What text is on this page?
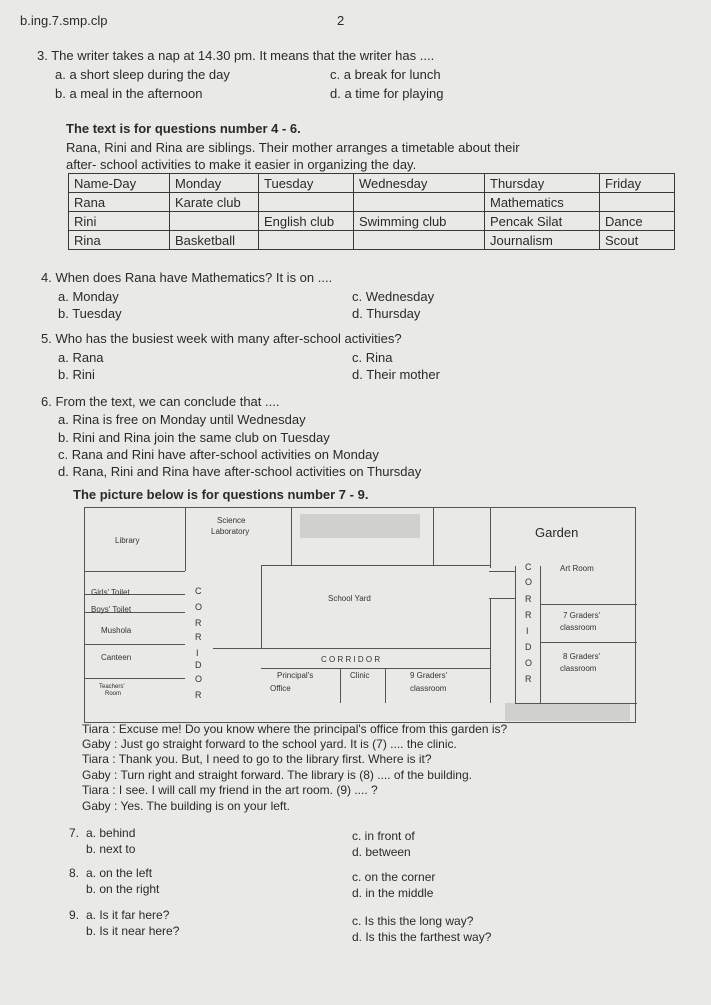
b.ing.7.smp.clp	2
3. The writer takes a nap at 14.30 pm. It means that the writer has ....
a. a short sleep during the day
b. a meal in the afternoon
c. a break for lunch
d. a time for playing
The text is for questions number 4 - 6.
Rana, Rini and Rina are siblings. Their mother arranges a timetable about their
after- school activities to make it easier in organizing the day.
Name-Day	Monday	Tuesday	Wednesday	Thursday	Friday
Rana	Karate club			Mathematics	
Rini		English club	Swimming club	Pencak Silat	Dance
Rina	Basketball			Journalism	Scout
4. When does Rana have Mathematics? It is on ....
a. Monday
b. Tuesday
c. Wednesday
d. Thursday
5. Who has the busiest week with many after-school activities?
a. Rana
b. Rini
c. Rina
d. Their mother
6. From the text, we can conclude that ....
a. Rina is free on Monday until Wednesday
b. Rini and Rina join the same club on Tuesday
c. Rana and Rini have after-school activities on Monday
d. Rana, Rini and Rina have after-school activities on Thursday
The picture below is for questions number 7 - 9.
Library
Science
Laboratory	Garden
Art Room
Girls' Toilet
Boys' Toilet
Mushola
Canteen
Teachers'
Room
School Yard
C O R R I D O R
Principal's
Office
Clinic	9 Graders'
classroom
7 Graders'
classroom
8 Graders'
classroom
C
O
R
R
I
D
O
R
C
O
R
R
I
D
O
R
Tiara : Excuse me! Do you know where the principal's office from this garden is?
Gaby : Just go straight forward to the school yard. It is (7) .... the clinic.
Tiara : Thank you. But, I need to go to the library first. Where is it?
Gaby : Turn right and straight forward. The library is (8) .... of the building.
Tiara : I see. I will call my friend in the art room. (9) .... ?
Gaby : Yes. The building is on your left.
7. a. behind
b. next to
c. in front of
d. between
8. a. on the left
b. on the right
c. on the corner
d. in the middle
9. a. Is it far here?
b. Is it near here?
c. Is this the long way?
d. Is this the farthest way?
